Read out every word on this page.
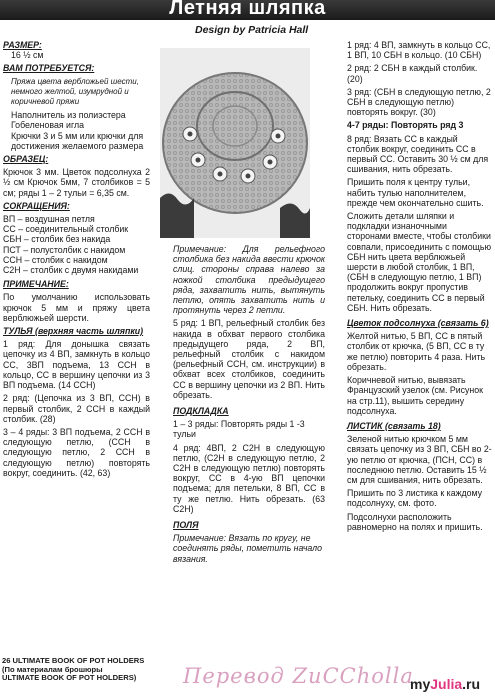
Летняя шляпка
Design by Patricia Hall

РАЗМЕР:
16 ½ см

ВАМ ПОТРЕБУЕТСЯ:

Пряжа цвета вербложьей шести, немного желтой, изумрудной и коричневой пряжи

Наполнитель из полиэстера

Гобеленовая игла

Крючки 3 и 5 мм или крючки для достижения желаемого размера

ОБРАЗЕЦ:

Крючок 3 мм. Цветок подсолнуха 2 ½ см Крючок 5мм, 7 столбиков = 5 см; ряды 1 – 2 тульи = 6,35 см.

СОКРАЩЕНИЯ:

ВП – воздушная петля
СС – соединительный столбик
СБН – столбик без накида
ПСТ – полустолбик с накидом
ССН – столбик с накидом
С2Н – столбик с двумя накидами

ПРИМЕЧАНИЕ:

По умолчанию использовать крючок 5 мм и пряжу цвета верблюжьей шерсти.

ТУЛЬЯ (верхняя часть шляпки)

1 ряд: Для донышка связать цепочку из 4 ВП, замкнуть в кольцо СС, 3ВП подъема, 13 ССН в кольцо, СС в вершину цепочки из 3 ВП подъема. (14 ССН)

2 ряд: (Цепочка из 3 ВП, ССН) в первый столбик, 2 ССН в каждый столбик. (28)

3 – 4 ряды: 3 ВП подъема, 2 ССН в следующую петлю, (ССН в следующую петлю, 2 ССН в следующую петлю) повторять вокруг, соединить. (42, 63)

26 ULTIMATE BOOK OF POT HOLDERS
(По материалам брошюры
ULTIMATE BOOK OF POT HOLDERS)

Примечание: Для рельефного столбика без накида ввести крючок слиц. стороны справа налево за ножкой столбика предыдущего ряда, захватить нить, вытянуть петлю, опять захватить нить и протянуть через 2 петли.

5 ряд: 1 ВП, рельефный столбик без накида в обхват первого столбика предыдущего ряда, 2 ВП, рельефный столбик с накидом (рельефный ССН, см. инструкции) в обхват всех столбиков, соединить СС в вершину цепочки из 2 ВП. Нить обрезать.

ПОДКЛАДКА

1 – 3 ряды: Повторять ряды 1 -3 тульи

4 ряд: 4ВП, 2 С2Н в следующую петлю, (С2Н в следующую петлю, 2 С2Н в следующую петлю) повторять вокруг, СС в 4-ую ВП цепочки подъема; для петельки, 8 ВП, СС в ту же петлю. Нить обрезать. (63 С2Н)

ПОЛЯ

Примечание: Вязать по кругу, не соединять ряды, пометить начало вязания.

1 ряд: 4 ВП, замкнуть в кольцо СС, 1 ВП, 10 СБН в кольцо. (10 СБН)

2 ряд: 2 СБН в каждый столбик. (20)

3 ряд: (СБН в следующую петлю, 2 СБН в следующую петлю) повторять вокруг. (30)

4-7 ряды: Повторять ряд 3

8 ряд: Вязать СС в каждый столбик вокруг, соединить СС в первый СС. Оставить 30 ½ см для сшивания, нить обрезать.

Пришить поля к центру тульи, набить тулью наполнителем, прежде чем окончательно сшить.

Сложить детали шляпки и подкладки изнаночными сторонами вместе, чтобы столбики совпали, присоединить с помощью СБН нить цвета верблюжьей шерсти в любой столбик, 1 ВП, (СБН в следующую петлю, 1 ВП) продолжить вокруг пропустив петельку, соединить СС в первый СБН. Нить обрезать.

Цветок подсолнуха (связать 6)

Желтой нитью, 5 ВП, СС в пятый столбик от крючка, (5 ВП, СС в ту же петлю) повторить 4 раза. Нить обрезать.

Коричневой нитью, вывязать Французский узелок (см. Рисунок на стр.11), вышить середину подсолнуха.

ЛИСТИК (связать 18)

Зеленой нитью крючком 5 мм связать цепочку из 3 ВП, СБН во 2-ую петлю от крючка, (ПСН, СС) в последнюю петлю. Оставить 15 ½ см для сшивания, нить обрезать.

Пришить по 3 листика к каждому подсолнуху, см. фото.

Подсолнухи расположить равномерно на полях и пришить.

Перевод ZuCCholla
myJulia.ru
